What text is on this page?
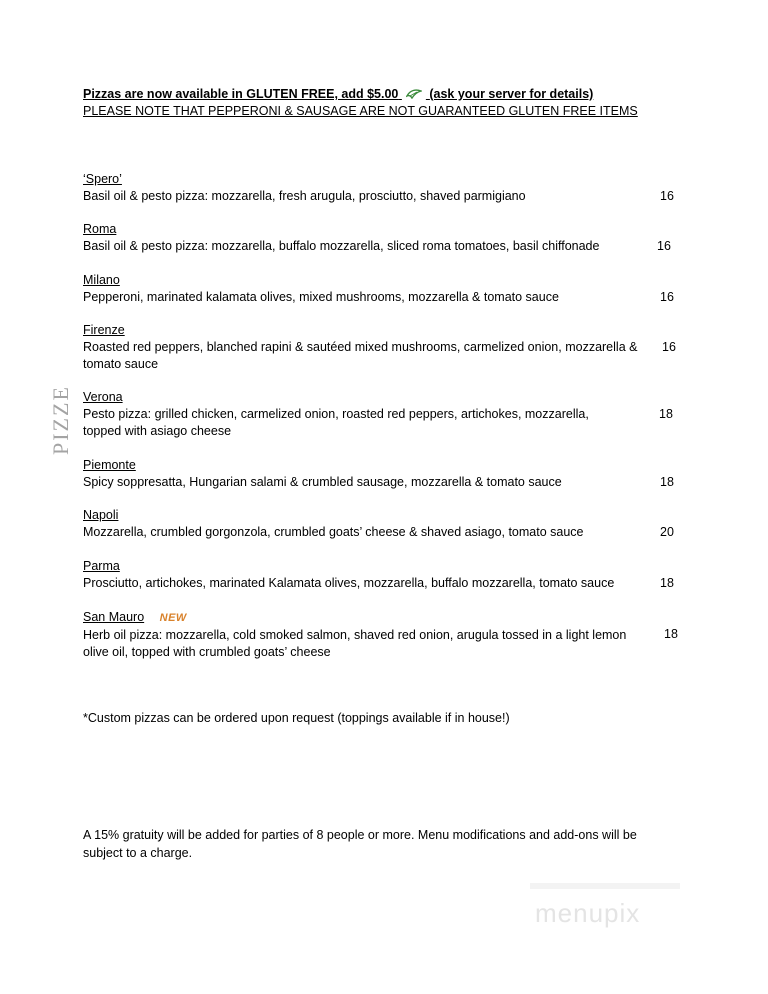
Pizzas are now available in GLUTEN FREE, add $5.00 (ask your server for details)
PLEASE NOTE THAT PEPPERONI & SAUSAGE ARE NOT GUARANTEED GLUTEN FREE ITEMS
PIZZE
‘Spero’
Basil oil & pesto pizza: mozzarella, fresh arugula, prosciutto, shaved parmigiano	16
Roma
Basil oil & pesto pizza: mozzarella, buffalo mozzarella, sliced roma tomatoes, basil chiffonade	16
Milano
Pepperoni, marinated kalamata olives, mixed mushrooms, mozzarella & tomato sauce	16
Firenze
Roasted red peppers, blanched rapini & sautéed mixed mushrooms, carmelized onion, mozzarella & tomato sauce
16
Verona
Pesto pizza: grilled chicken, carmelized onion, roasted red peppers, artichokes, mozzarella, topped with asiago cheese
18
Piemonte
Spicy soppresatta, Hungarian salami & crumbled sausage, mozzarella & tomato sauce	18
Napoli
Mozzarella, crumbled gorgonzola, crumbled goats’ cheese & shaved asiago, tomato sauce	20
Parma
Prosciutto, artichokes, marinated Kalamata olives, mozzarella, buffalo mozzarella, tomato sauce	18
San Mauro NEW
Herb oil pizza: mozzarella, cold smoked salmon, shaved red onion, arugula tossed in a light lemon olive oil, topped with crumbled goats’ cheese
18
*Custom pizzas can be ordered upon request (toppings available if in house!)
A 15% gratuity will be added for parties of 8 people or more. Menu modifications and add-ons will be subject to a charge.
menupix
